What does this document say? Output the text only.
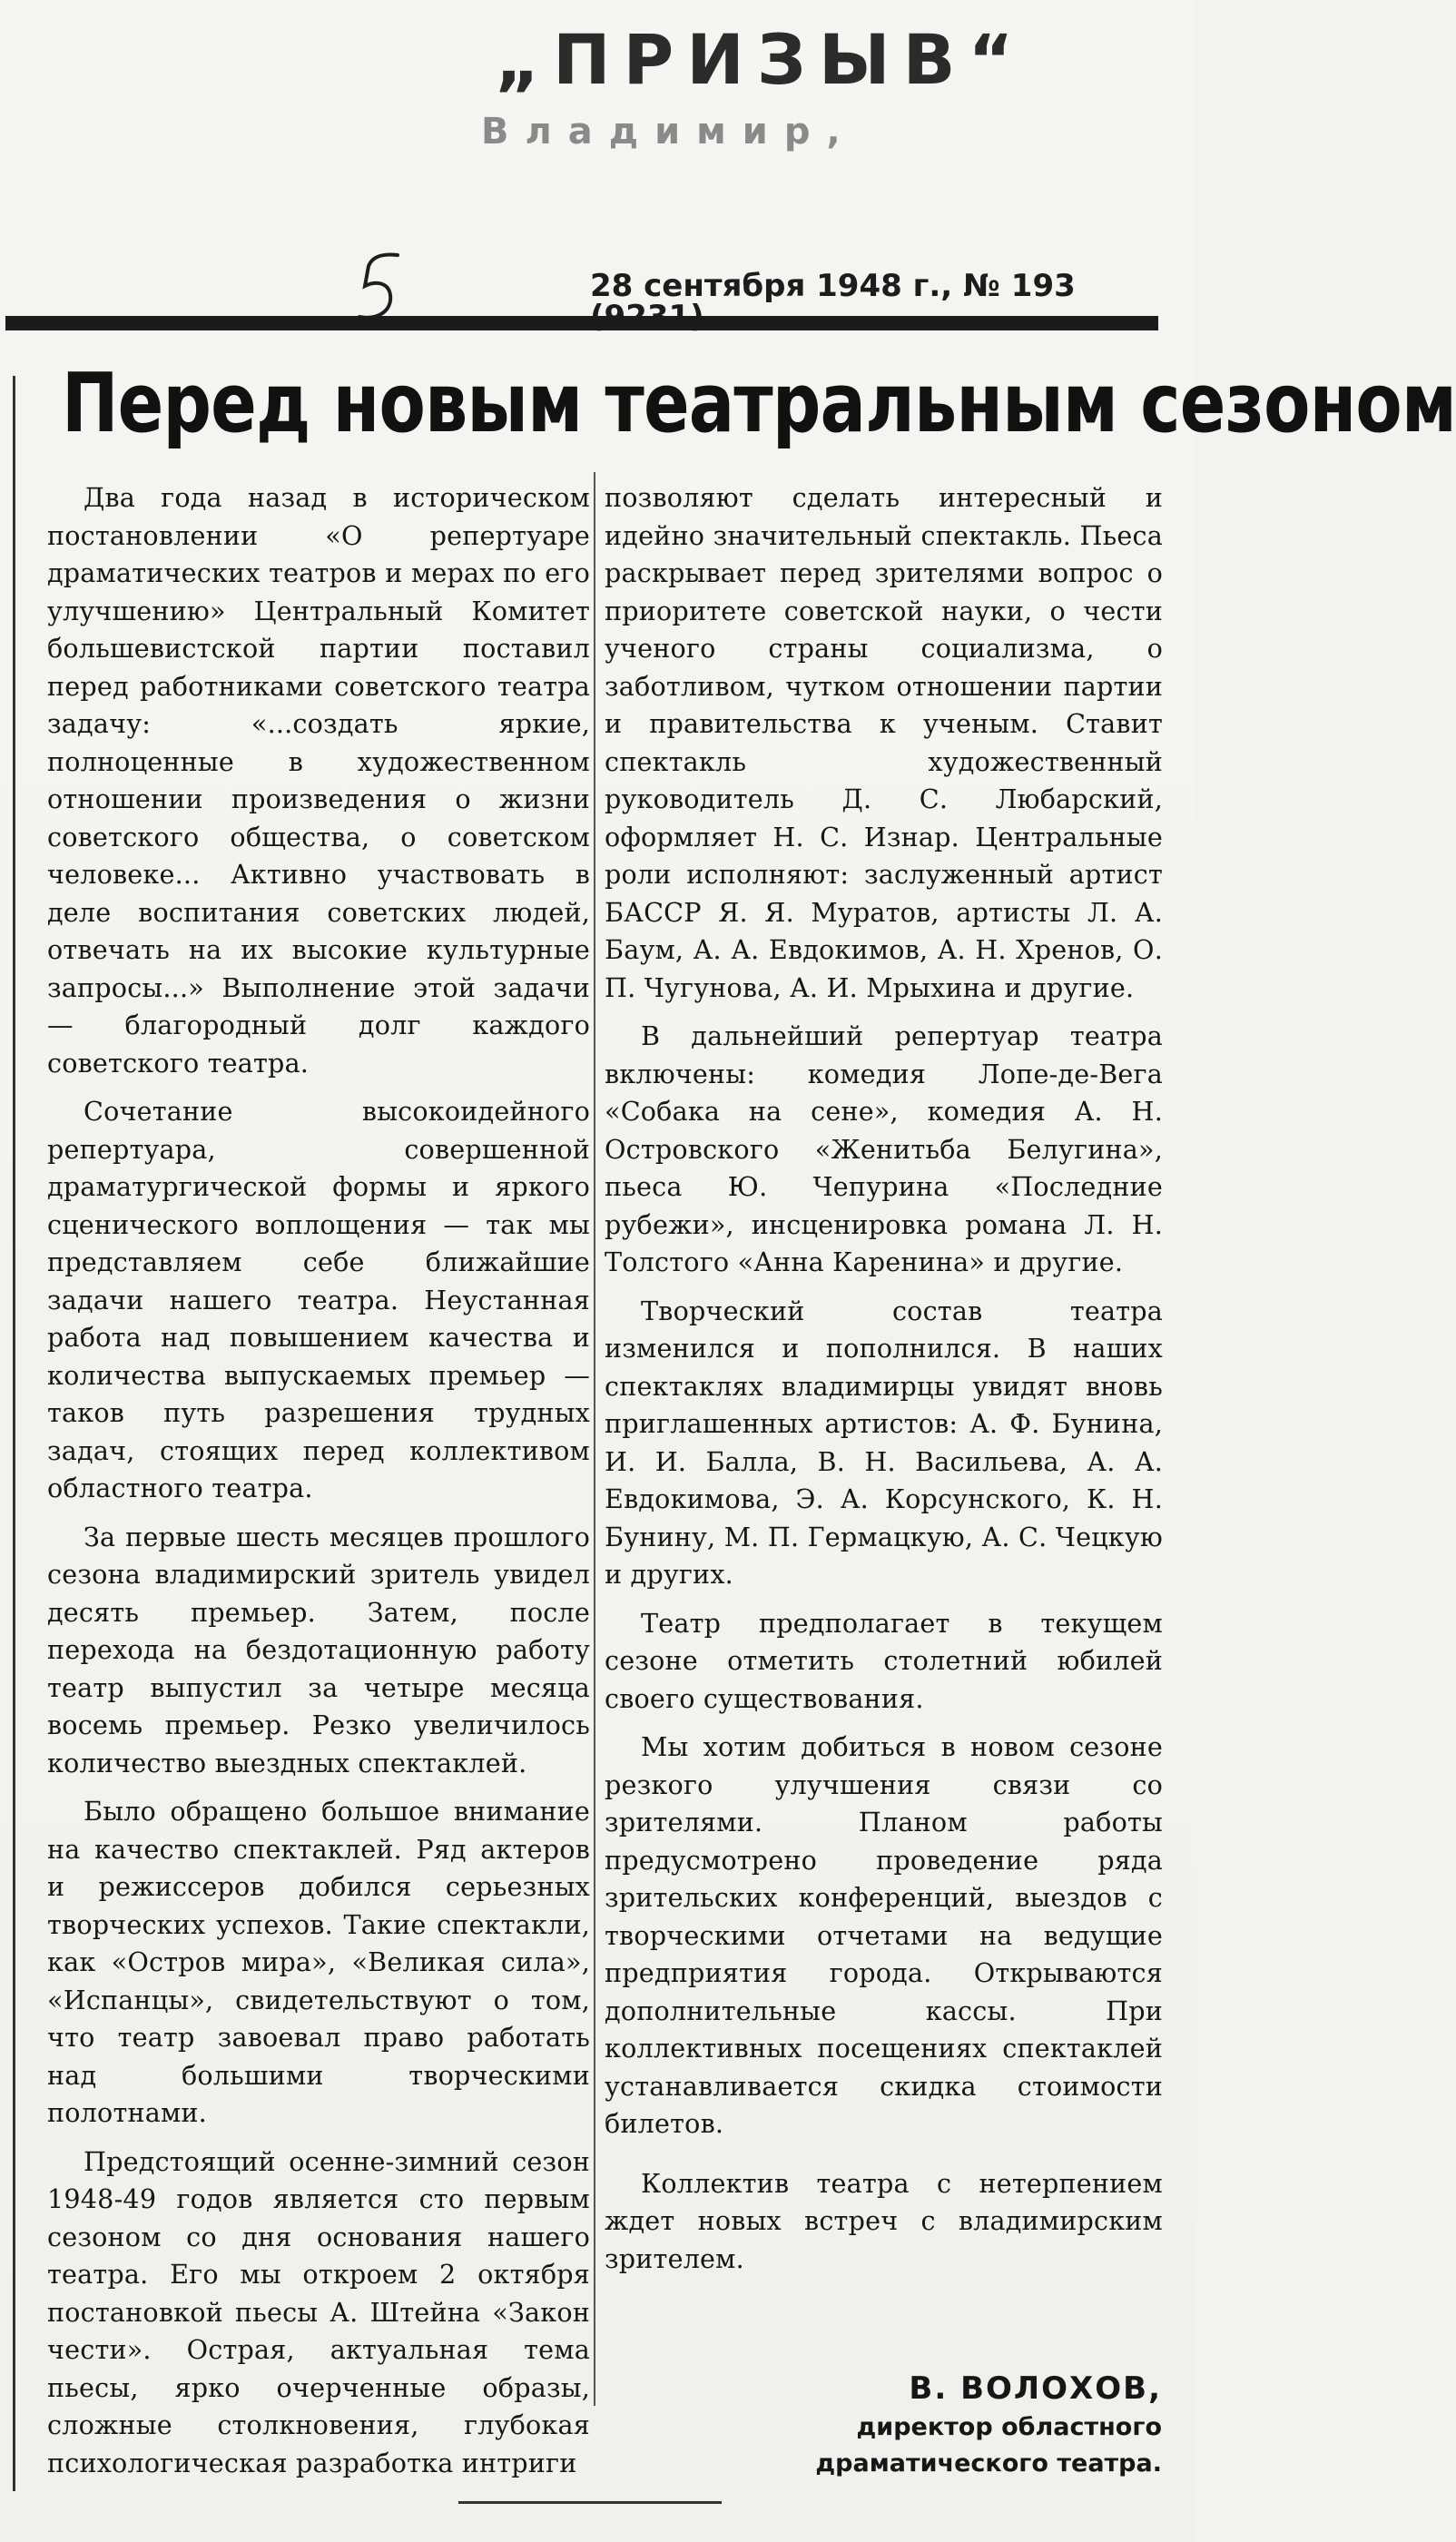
„ПРИЗЫВ“
Владимир,
28 сентября 1948 г., № 193
Перед новым театральным сезоном

Два года назад в историческом постановлении «О репертуаре драматических театров и мерах по его улучшению» Центральный Комитет большевистской партии поставил перед работниками советского театра задачу: «...создать яркие, полноценные в художественном отношении произведения о жизни советского общества, о советском человеке... Активно участвовать в деле воспитания советских людей, отвечать на их высокие культурные запросы...» Выполнение этой задачи — благородный долг каждого советского театра.

Сочетание высокоидейного репертуара, совершенной драматургической формы и яркого сценического воплощения — так мы представляем себе ближайшие задачи нашего театра. Неустанная работа над повышением качества и количества выпускаемых премьер — таков путь разрешения трудных задач, стоящих перед коллективом областного театра.

За первые шесть месяцев прошлого сезона владимирский зритель увидел десять премьер. Затем, после перехода на бездотационную работу театр выпустил за четыре месяца восемь премьер. Резко увеличилось количество выездных спектаклей.

Было обращено большое внимание на качество спектаклей. Ряд актеров и режиссеров добился серьезных творческих успехов. Такие спектакли, как «Остров мира», «Великая сила», «Испанцы», свидетельствуют о том, что театр завоевал право работать над большими творческими полотнами.

Предстоящий осенне-зимний сезон 1948-49 годов является сто первым сезоном со дня основания нашего театра. Его мы откроем 2 октября постановкой пьесы А. Штейна «Закон чести». Острая, актуальная тема пьесы, ярко очерченные образы, сложные столкновения, глубокая психологическая разработка интриги

позволяют сделать интересный и идейно значительный спектакль. Пьеса раскрывает перед зрителями вопрос о приоритете советской науки, о чести ученого страны социализма, о заботливом, чутком отношении партии и правительства к ученым. Ставит спектакль художественный руководитель Д. С. Любарский, оформляет Н. С. Изнар. Центральные роли исполняют: заслуженный артист БАССР Я. Я. Муратов, артисты Л. А. Баум, А. А. Евдокимов, А. Н. Хренов, О. П. Чугунова, А. И. Мрыхина и другие.

В дальнейший репертуар театра включены: комедия Лопе-де-Вега «Собака на сене», комедия А. Н. Островского «Женитьба Белугина», пьеса Ю. Чепурина «Последние рубежи», инсценировка романа Л. Н. Толстого «Анна Каренина» и другие.

Творческий состав театра изменился и пополнился. В наших спектаклях владимирцы увидят вновь приглашенных артистов: А. Ф. Бунина, И. И. Балла, В. Н. Васильева, А. А. Евдокимова, Э. А. Корсунского, К. Н. Бунину, М. П. Гермацкую, А. С. Чецкую и других.

Театр предполагает в текущем сезоне отметить столетний юбилей своего существования.

Мы хотим добиться в новом сезоне резкого улучшения связи со зрителями. Планом работы предусмотрено проведение ряда зрительских конференций, выездов с творческими отчетами на ведущие предприятия города. Открываются дополнительные кассы. При коллективных посещениях спектаклей устанавливается скидка стоимости билетов.

Коллектив театра с нетерпением ждет новых встреч с владимирским зрителем.

В. ВОЛОХОВ,
директор областного
драматического театра.
